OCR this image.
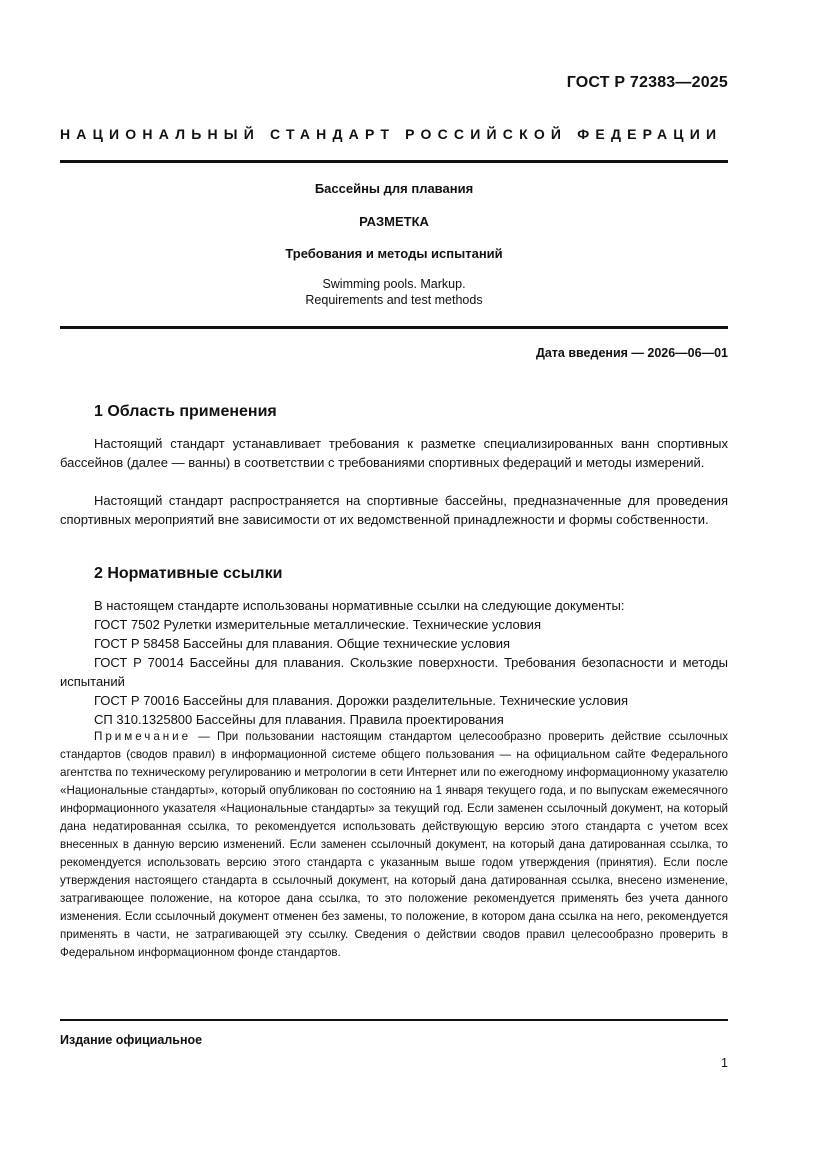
ГОСТ Р 72383—2025
НАЦИОНАЛЬНЫЙ СТАНДАРТ РОССИЙСКОЙ ФЕДЕРАЦИИ
Бассейны для плавания
РАЗМЕТКА
Требования и методы испытаний
Swimming pools. Markup.
Requirements and test methods
Дата введения — 2026—06—01
1 Область применения

Настоящий стандарт устанавливает требования к разметке специализированных ванн спортивных бассейнов (далее — ванны) в соответствии с требованиями спортивных федераций и методы измерений.

Настоящий стандарт распространяется на спортивные бассейны, предназначенные для проведения спортивных мероприятий вне зависимости от их ведомственной принадлежности и формы собственности.

2 Нормативные ссылки

В настоящем стандарте использованы нормативные ссылки на следующие документы:

ГОСТ 7502 Рулетки измерительные металлические. Технические условия

ГОСТ Р 58458 Бассейны для плавания. Общие технические условия

ГОСТ Р 70014 Бассейны для плавания. Скользкие поверхности. Требования безопасности и методы испытаний

ГОСТ Р 70016 Бассейны для плавания. Дорожки разделительные. Технические условия

СП 310.1325800 Бассейны для плавания. Правила проектирования

Примечание — При пользовании настоящим стандартом целесообразно проверить действие ссылочных стандартов (сводов правил) в информационной системе общего пользования — на официальном сайте Федерального агентства по техническому регулированию и метрологии в сети Интернет или по ежегодному информационному указателю «Национальные стандарты», который опубликован по состоянию на 1 января текущего года, и по выпускам ежемесячного информационного указателя «Национальные стандарты» за текущий год. Если заменен ссылочный документ, на который дана недатированная ссылка, то рекомендуется использовать действующую версию этого стандарта с учетом всех внесенных в данную версию изменений. Если заменен ссылочный документ, на который дана датированная ссылка, то рекомендуется использовать версию этого стандарта с указанным выше годом утверждения (принятия). Если после утверждения настоящего стандарта в ссылочный документ, на который дана датированная ссылка, внесено изменение, затрагивающее положение, на которое дана ссылка, то это положение рекомендуется применять без учета данного изменения. Если ссылочный документ отменен без замены, то положение, в котором дана ссылка на него, рекомендуется применять в части, не затрагивающей эту ссылку. Сведения о действии сводов правил целесообразно проверить в Федеральном информационном фонде стандартов.

Издание официальное
1
